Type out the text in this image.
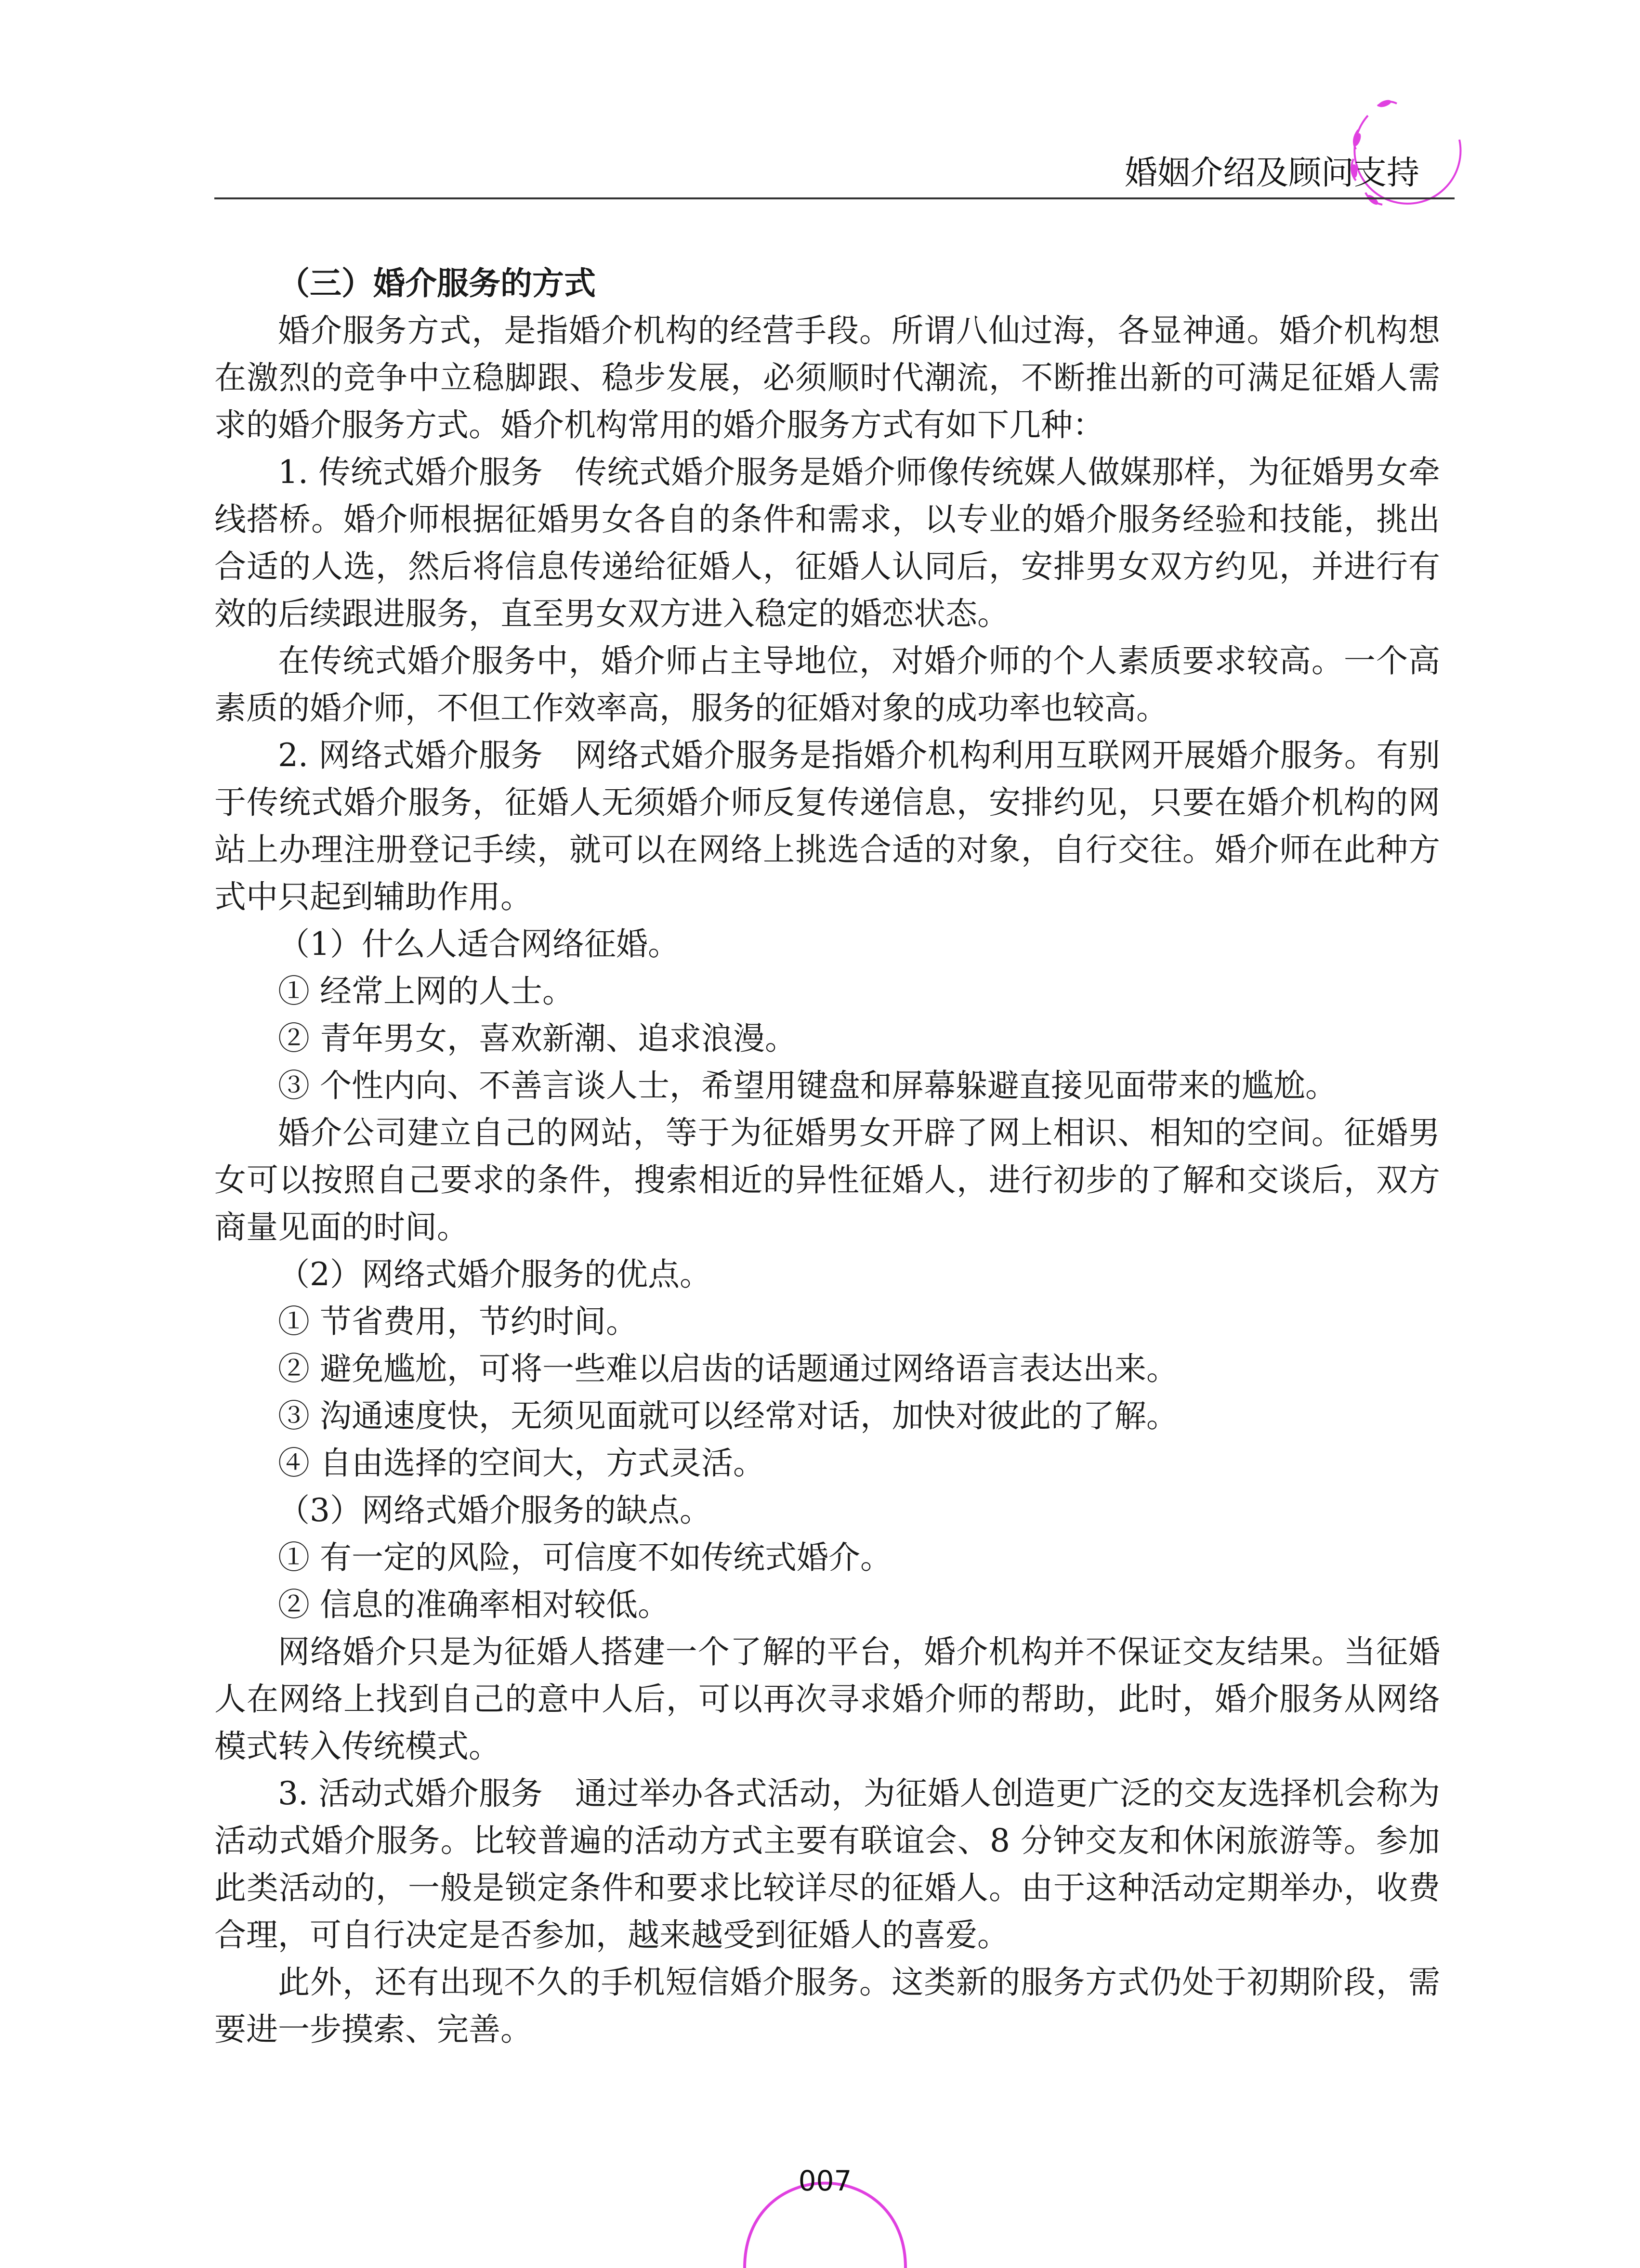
婚姻介绍及顾问支持

（三）婚介服务的方式

婚介服务方式，是指婚介机构的经营手段。所谓八仙过海，各显神通。婚介机构想在激烈的竞争中立稳脚跟、稳步发展，必须顺时代潮流，不断推出新的可满足征婚人需求的婚介服务方式。婚介机构常用的婚介服务方式有如下几种：

1. 传统式婚介服务 传统式婚介服务是婚介师像传统媒人做媒那样，为征婚男女牵线搭桥。婚介师根据征婚男女各自的条件和需求，以专业的婚介服务经验和技能，挑出合适的人选，然后将信息传递给征婚人，征婚人认同后，安排男女双方约见，并进行有效的后续跟进服务，直至男女双方进入稳定的婚恋状态。

在传统式婚介服务中，婚介师占主导地位，对婚介师的个人素质要求较高。一个高素质的婚介师，不但工作效率高，服务的征婚对象的成功率也较高。

2. 网络式婚介服务 网络式婚介服务是指婚介机构利用互联网开展婚介服务。有别于传统式婚介服务，征婚人无须婚介师反复传递信息，安排约见，只要在婚介机构的网站上办理注册登记手续，就可以在网络上挑选合适的对象，自行交往。婚介师在此种方式中只起到辅助作用。

（1）什么人适合网络征婚。

① 经常上网的人士。

② 青年男女，喜欢新潮、追求浪漫。

③ 个性内向、不善言谈人士，希望用键盘和屏幕躲避直接见面带来的尴尬。

婚介公司建立自己的网站，等于为征婚男女开辟了网上相识、相知的空间。征婚男女可以按照自己要求的条件，搜索相近的异性征婚人，进行初步的了解和交谈后，双方商量见面的时间。

（2）网络式婚介服务的优点。

① 节省费用，节约时间。

② 避免尴尬，可将一些难以启齿的话题通过网络语言表达出来。

③ 沟通速度快，无须见面就可以经常对话，加快对彼此的了解。

④ 自由选择的空间大，方式灵活。

（3）网络式婚介服务的缺点。

① 有一定的风险，可信度不如传统式婚介。

② 信息的准确率相对较低。

网络婚介只是为征婚人搭建一个了解的平台，婚介机构并不保证交友结果。当征婚人在网络上找到自己的意中人后，可以再次寻求婚介师的帮助，此时，婚介服务从网络模式转入传统模式。

3. 活动式婚介服务 通过举办各式活动，为征婚人创造更广泛的交友选择机会称为活动式婚介服务。比较普遍的活动方式主要有联谊会、8 分钟交友和休闲旅游等。参加此类活动的，一般是锁定条件和要求比较详尽的征婚人。由于这种活动定期举办，收费合理，可自行决定是否参加，越来越受到征婚人的喜爱。

此外，还有出现不久的手机短信婚介服务。这类新的服务方式仍处于初期阶段，需要进一步摸索、完善。

007
